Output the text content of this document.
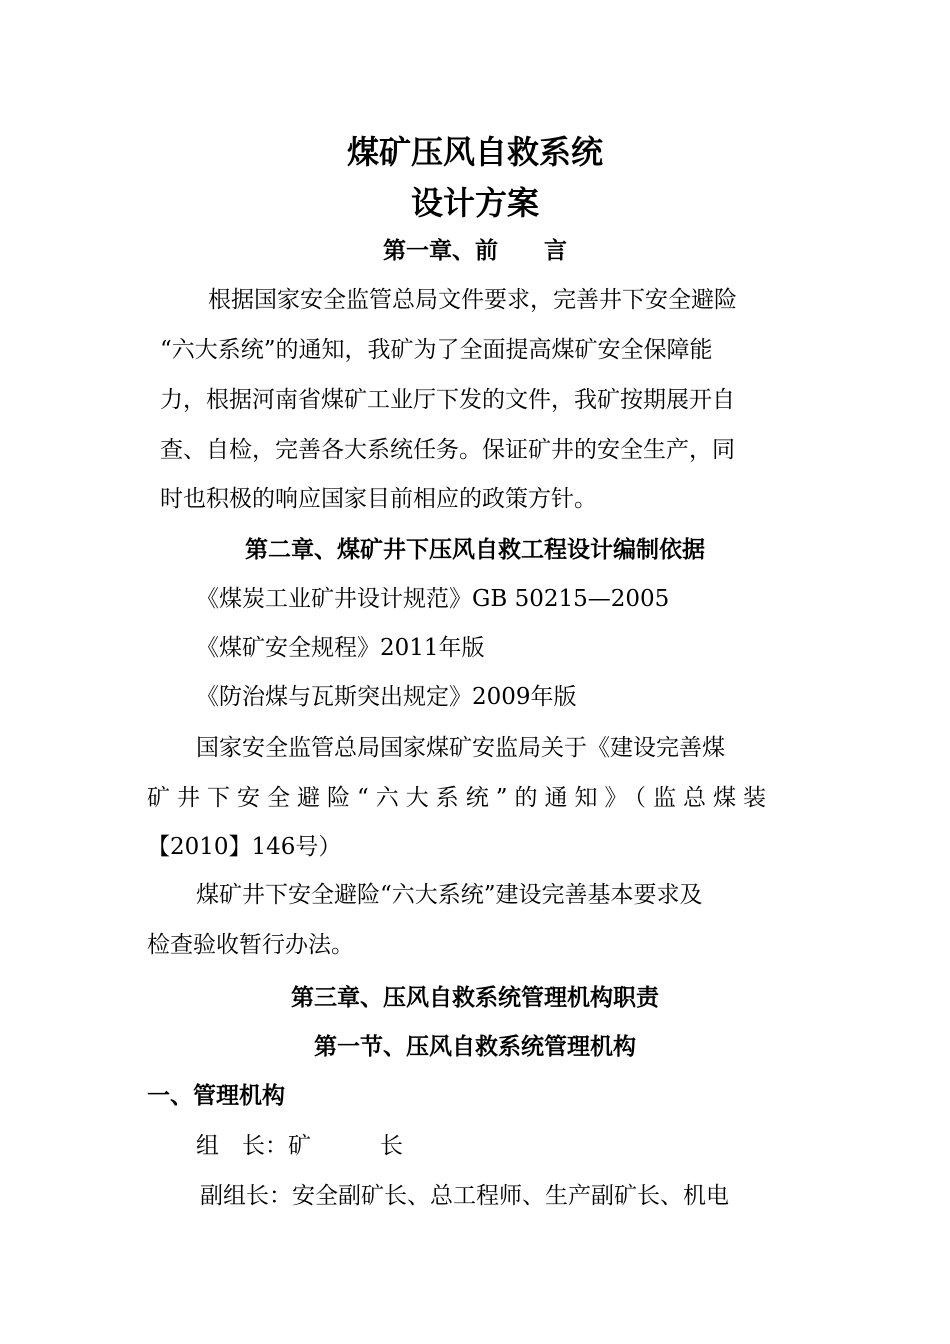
煤矿压风自救系统
设计方案
第一章、前　　言
根据国家安全监管总局文件要求，完善井下安全避险
“六大系统”的通知，我矿为了全面提高煤矿安全保障能
力，根据河南省煤矿工业厅下发的文件，我矿按期展开自
查、自检，完善各大系统任务。保证矿井的安全生产，同
时也积极的响应国家目前相应的政策方针。
第二章、煤矿井下压风自救工程设计编制依据
《煤炭工业矿井设计规范》GB 50215—2005
《煤矿安全规程》2011年版
《防治煤与瓦斯突出规定》2009年版
国家安全监管总局国家煤矿安监局关于《建设完善煤
矿井下安全避险“六大系统”的通知》（监总煤装
【2010】146号）
煤矿井下安全避险“六大系统”建设完善基本要求及
检查验收暂行办法。
第三章、压风自救系统管理机构职责
第一节、压风自救系统管理机构
一、管理机构
组　长：矿　　　长
副组长：安全副矿长、总工程师、生产副矿长、机电
